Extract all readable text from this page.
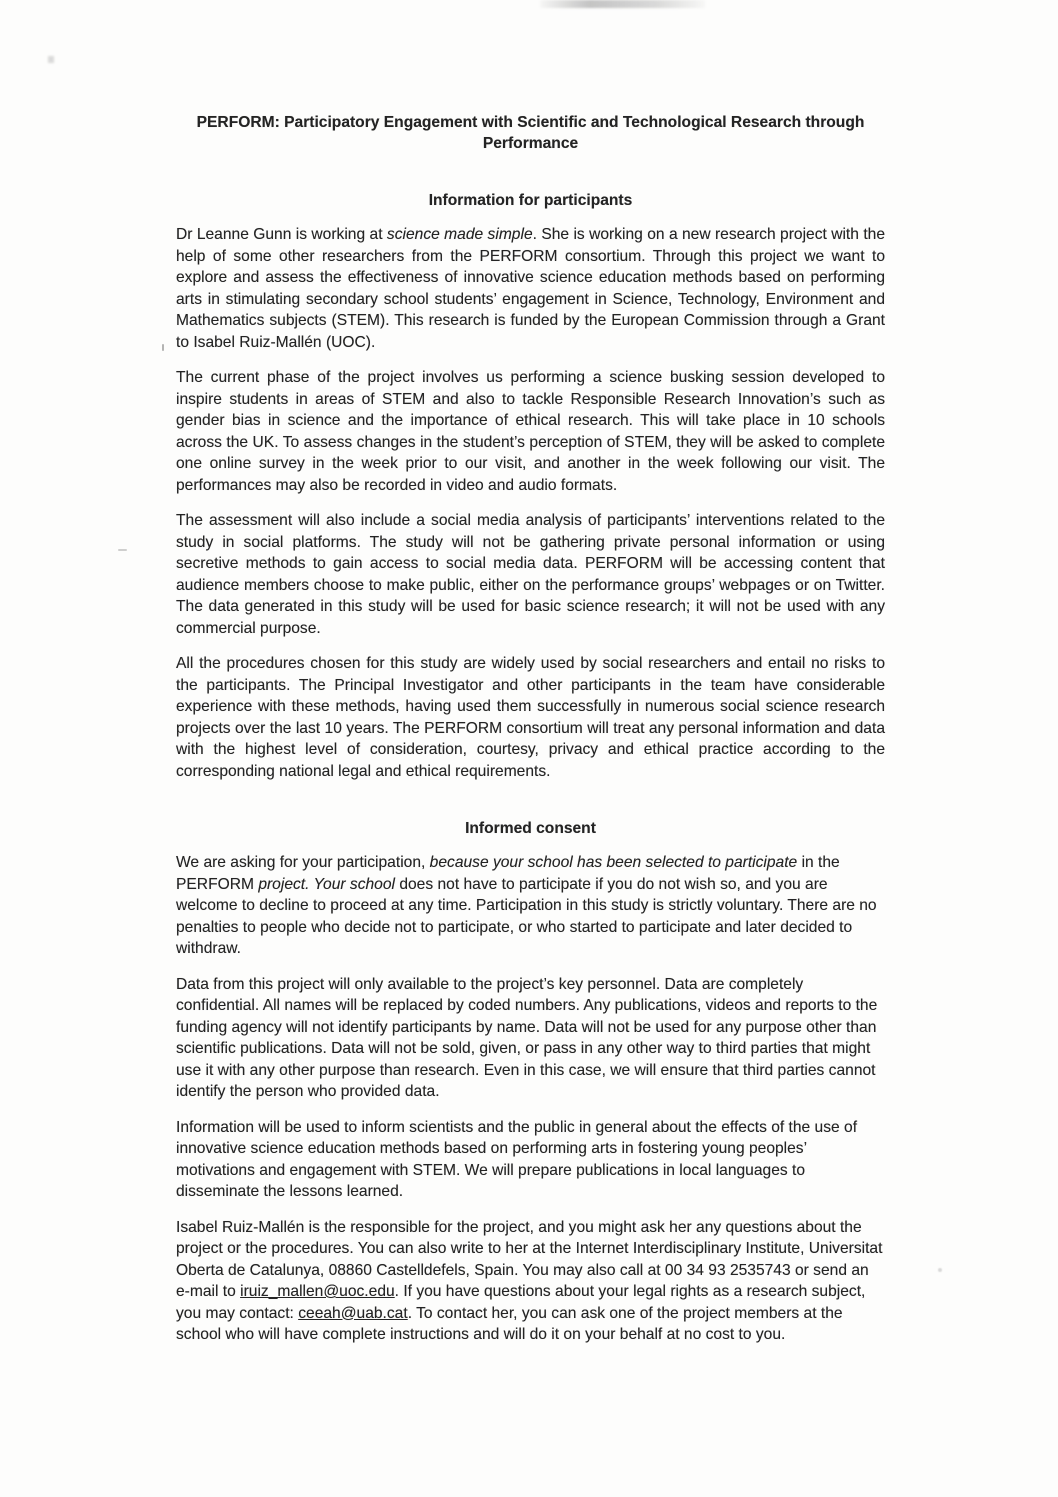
PERFORM: Participatory Engagement with Scientific and Technological Research through Performance
Information for participants

Dr Leanne Gunn is working at science made simple. She is working on a new research project with the help of some other researchers from the PERFORM consortium. Through this project we want to explore and assess the effectiveness of innovative science education methods based on performing arts in stimulating secondary school students’ engagement in Science, Technology, Environment and Mathematics subjects (STEM). This research is funded by the European Commission through a Grant to Isabel Ruiz-Mallén (UOC).

The current phase of the project involves us performing a science busking session developed to inspire students in areas of STEM and also to tackle Responsible Research Innovation’s such as gender bias in science and the importance of ethical research. This will take place in 10 schools across the UK. To assess changes in the student’s perception of STEM, they will be asked to complete one online survey in the week prior to our visit, and another in the week following our visit. The performances may also be recorded in video and audio formats.

The assessment will also include a social media analysis of participants’ interventions related to the study in social platforms. The study will not be gathering private personal information or using secretive methods to gain access to social media data. PERFORM will be accessing content that audience members choose to make public, either on the performance groups’ webpages or on Twitter. The data generated in this study will be used for basic science research; it will not be used with any commercial purpose.

All the procedures chosen for this study are widely used by social researchers and entail no risks to the participants. The Principal Investigator and other participants in the team have considerable experience with these methods, having used them successfully in numerous social science research projects over the last 10 years. The PERFORM consortium will treat any personal information and data with the highest level of consideration, courtesy, privacy and ethical practice according to the corresponding national legal and ethical requirements.

Informed consent

We are asking for your participation, because your school has been selected to participate in the PERFORM project. Your school does not have to participate if you do not wish so, and you are welcome to decline to proceed at any time. Participation in this study is strictly voluntary. There are no penalties to people who decide not to participate, or who started to participate and later decided to withdraw.

Data from this project will only available to the project’s key personnel. Data are completely confidential. All names will be replaced by coded numbers. Any publications, videos and reports to the funding agency will not identify participants by name. Data will not be used for any purpose other than scientific publications. Data will not be sold, given, or pass in any other way to third parties that might use it with any other purpose than research. Even in this case, we will ensure that third parties cannot identify the person who provided data.

Information will be used to inform scientists and the public in general about the effects of the use of innovative science education methods based on performing arts in fostering young peoples’ motivations and engagement with STEM. We will prepare publications in local languages to disseminate the lessons learned.

Isabel Ruiz-Mallén is the responsible for the project, and you might ask her any questions about the project or the procedures. You can also write to her at the Internet Interdisciplinary Institute, Universitat Oberta de Catalunya, 08860 Castelldefels, Spain. You may also call at 00 34 93 2535743 or send an e-mail to iruiz_mallen@uoc.edu. If you have questions about your legal rights as a research subject, you may contact: ceeah@uab.cat. To contact her, you can ask one of the project members at the school who will have complete instructions and will do it on your behalf at no cost to you.
